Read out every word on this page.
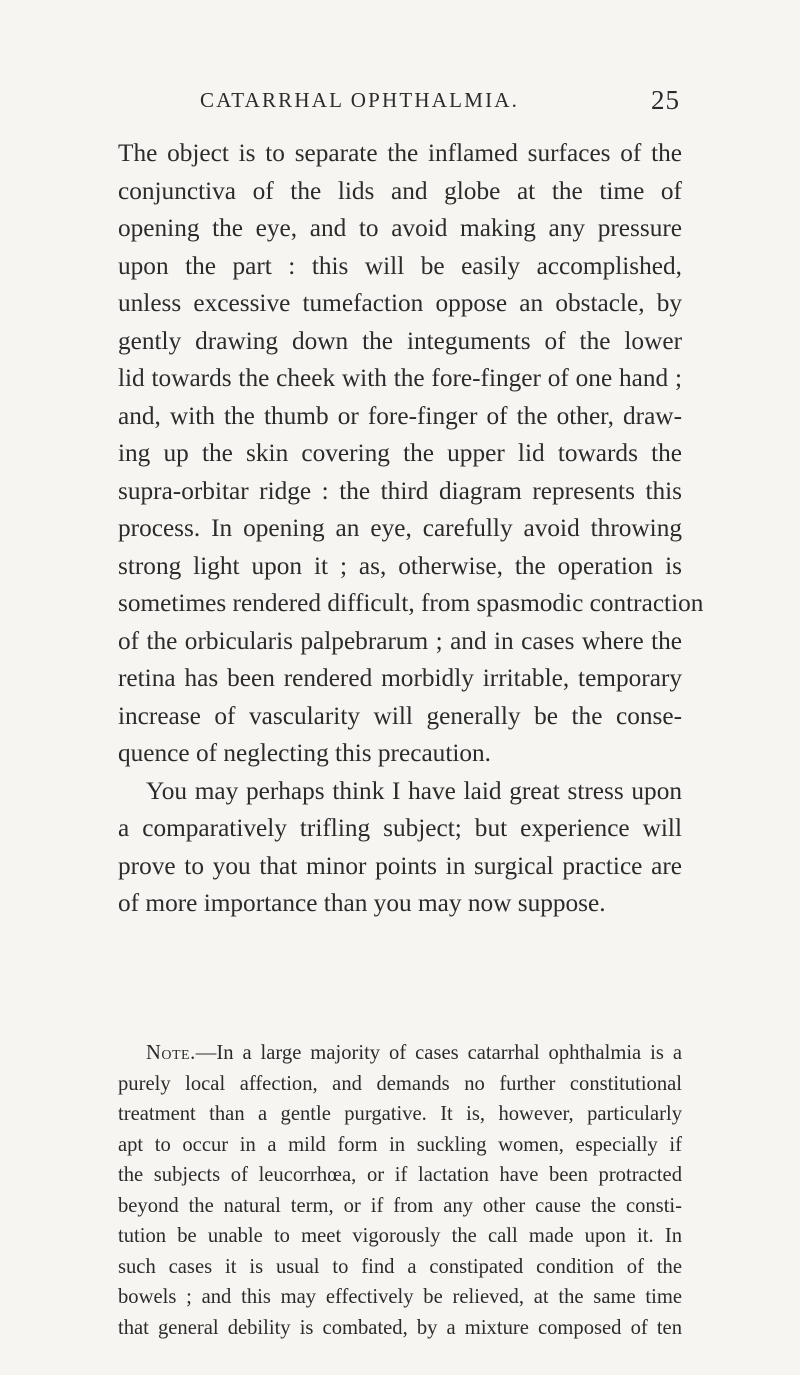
CATARRHAL OPHTHALMIA.	25
The object is to separate the inflamed surfaces of the
conjunctiva of the lids and globe at the time of
opening the eye, and to avoid making any pressure
upon the part : this will be easily accomplished,
unless excessive tumefaction oppose an obstacle, by
gently drawing down the integuments of the lower
lid towards the cheek with the fore-finger of one hand ;
and, with the thumb or fore-finger of the other, draw-
ing up the skin covering the upper lid towards the
supra-orbitar ridge : the third diagram represents this
process. In opening an eye, carefully avoid throwing
strong light upon it ; as, otherwise, the operation is
sometimes rendered difficult, from spasmodic contraction
of the orbicularis palpebrarum ; and in cases where the
retina has been rendered morbidly irritable, temporary
increase of vascularity will generally be the conse-
quence of neglecting this precaution.
You may perhaps think I have laid great stress upon
a comparatively trifling subject; but experience will
prove to you that minor points in surgical practice are
of more importance than you may now suppose.
Note.—In a large majority of cases catarrhal ophthalmia is a
purely local affection, and demands no further constitutional
treatment than a gentle purgative. It is, however, particularly
apt to occur in a mild form in suckling women, especially if
the subjects of leucorrhœa, or if lactation have been protracted
beyond the natural term, or if from any other cause the consti-
tution be unable to meet vigorously the call made upon it. In
such cases it is usual to find a constipated condition of the
bowels ; and this may effectively be relieved, at the same time
that general debility is combated, by a mixture composed of ten
